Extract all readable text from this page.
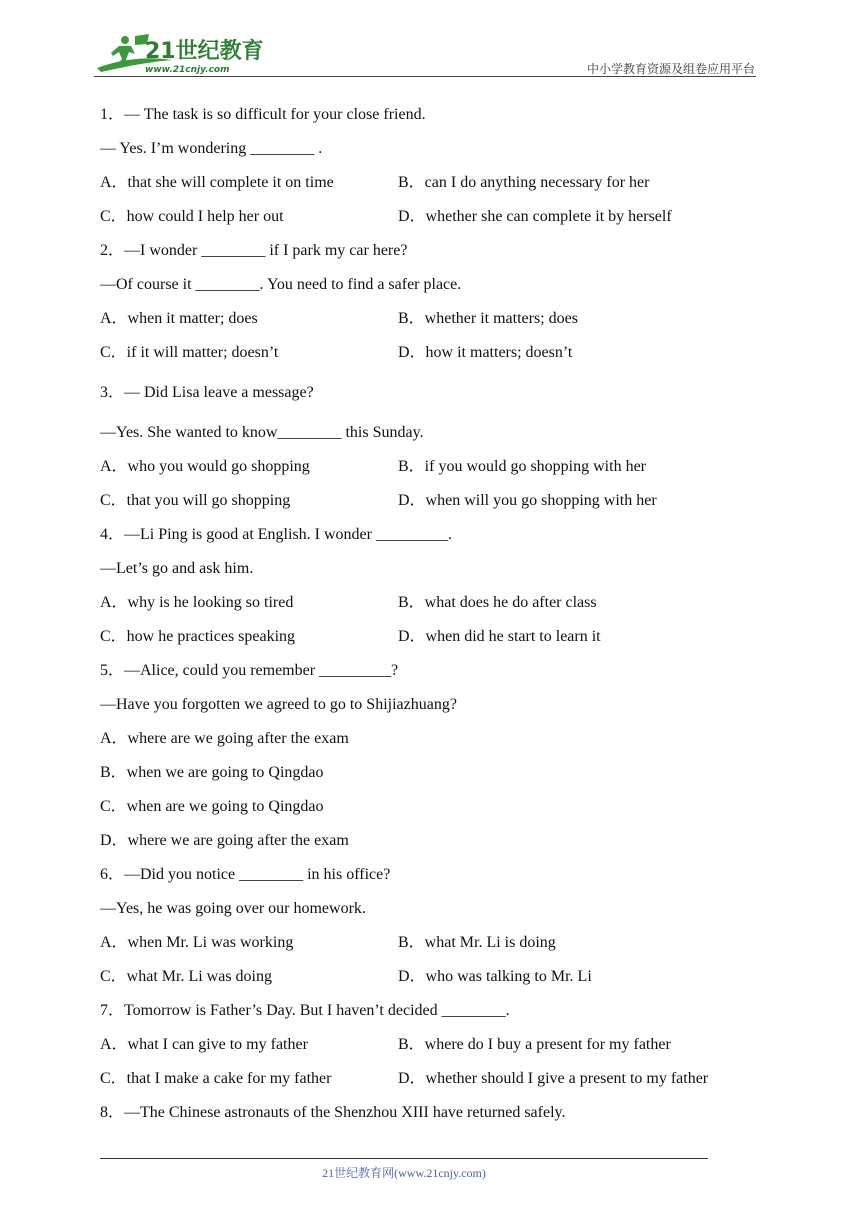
21世纪教育
www.21cnjy.com	中小学教育资源及组卷应用平台
1．— The task is so difficult for your close friend.
— Yes. I’m wondering ________ .
A．that she will complete it on time	B．can I do anything necessary for her
C．how could I help her out	D．whether she can complete it by herself
2．—I wonder ________ if I park my car here?
—Of course it ________. You need to find a safer place.
A．when it matter; does	B．whether it matters; does
C．if it will matter; doesn’t	D．how it matters; doesn’t
3．— Did Lisa leave a message?
—Yes. She wanted to know________ this Sunday.
A．who you would go shopping	B．if you would go shopping with her
C．that you will go shopping	D．when will you go shopping with her
4．—Li Ping is good at English. I wonder _________.
—Let’s go and ask him.
A．why is he looking so tired	B．what does he do after class
C．how he practices speaking	D．when did he start to learn it
5．—Alice, could you remember _________?
—Have you forgotten we agreed to go to Shijiazhuang?
A．where are we going after the exam
B．when we are going to Qingdao
C．when are we going to Qingdao
D．where we are going after the exam
6．—Did you notice ________ in his office?
—Yes, he was going over our homework.
A．when Mr. Li was working	B．what Mr. Li is doing
C．what Mr. Li was doing	D．who was talking to Mr. Li
7．Tomorrow is Father’s Day. But I haven’t decided ________.
A．what I can give to my father	B．where do I buy a present for my father
C．that I make a cake for my father	D．whether should I give a present to my father
8．—The Chinese astronauts of the Shenzhou XIII have returned safely.
21世纪教育网(www.21cnjy.com)
